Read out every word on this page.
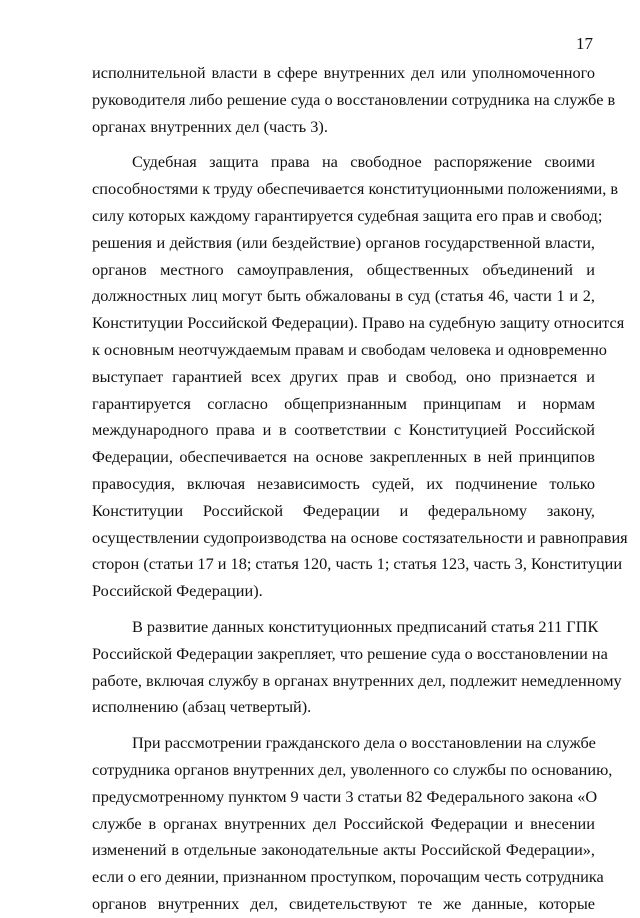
17
исполнительной власти в сфере внутренних дел или уполномоченного
руководителя либо решение суда о восстановлении сотрудника на службе в
органах внутренних дел (часть 3).
Судебная защита права на свободное распоряжение своими
способностями к труду обеспечивается конституционными положениями, в
силу которых каждому гарантируется судебная защита его прав и свобод;
решения и действия (или бездействие) органов государственной власти,
органов местного самоуправления, общественных объединений и
должностных лиц могут быть обжалованы в суд (статья 46, части 1 и 2,
Конституции Российской Федерации). Право на судебную защиту относится
к основным неотчуждаемым правам и свободам человека и одновременно
выступает гарантией всех других прав и свобод, оно признается и
гарантируется согласно общепризнанным принципам и нормам
международного права и в соответствии с Конституцией Российской
Федерации, обеспечивается на основе закрепленных в ней принципов
правосудия, включая независимость судей, их подчинение только
Конституции Российской Федерации и федеральному закону,
осуществлении судопроизводства на основе состязательности и равноправия
сторон (статьи 17 и 18; статья 120, часть 1; статья 123, часть 3, Конституции
Российской Федерации).
В развитие данных конституционных предписаний статья 211 ГПК
Российской Федерации закрепляет, что решение суда о восстановлении на
работе, включая службу в органах внутренних дел, подлежит немедленному
исполнению (абзац четвертый).
При рассмотрении гражданского дела о восстановлении на службе
сотрудника органов внутренних дел, уволенного со службы по основанию,
предусмотренному пунктом 9 части 3 статьи 82 Федерального закона «О
службе в органах внутренних дел Российской Федерации и внесении
изменений в отдельные законодательные акты Российской Федерации»,
если о его деянии, признанном проступком, порочащим честь сотрудника
органов внутренних дел, свидетельствуют те же данные, которые
